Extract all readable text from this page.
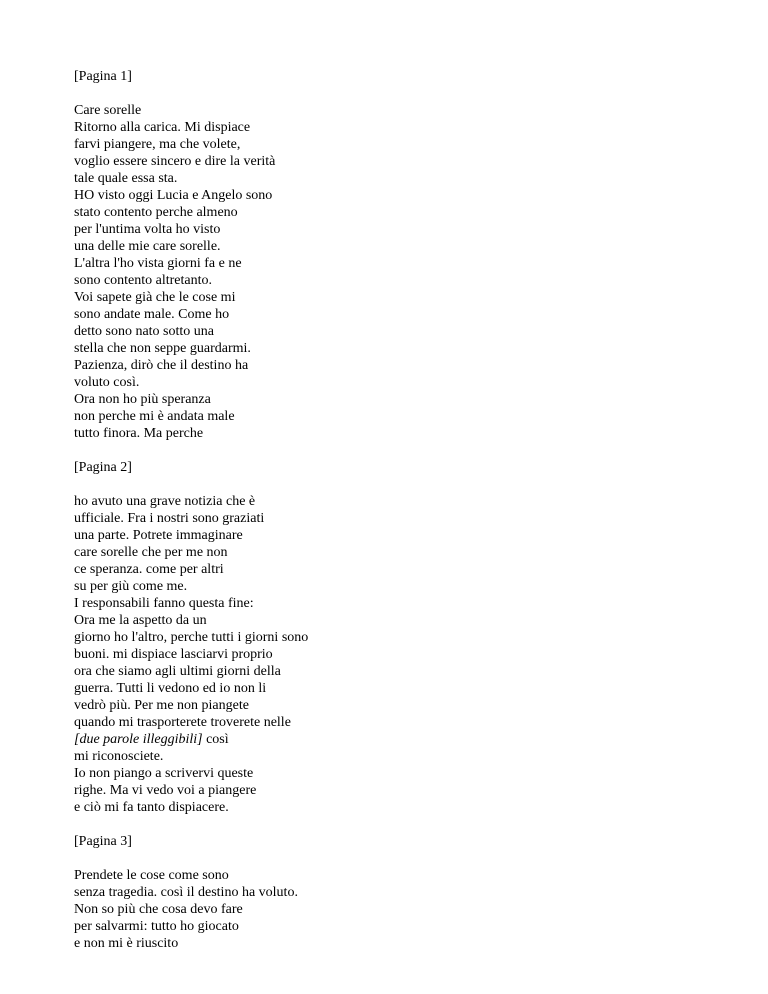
[Pagina 1]
Care sorelle
Ritorno alla carica. Mi dispiace
farvi piangere, ma che volete,
voglio essere sincero e dire la verità
tale quale essa sta.
HO visto oggi Lucia e Angelo sono
stato contento perche almeno
per l'untima volta ho visto
una delle mie care sorelle.
L'altra l'ho vista giorni fa e ne
sono contento altretanto.
Voi sapete già che le cose mi
sono andate male. Come ho
detto sono nato sotto una
stella che non seppe guardarmi.
Pazienza, dirò che il destino ha
voluto così.
Ora non ho più speranza
non perche mi è andata male
tutto finora. Ma perche
[Pagina 2]
ho avuto una grave notizia che è
ufficiale. Fra i nostri sono graziati
una parte. Potrete immaginare
care sorelle che per me non
ce speranza. come per altri
su per giù come me.
I responsabili fanno questa fine:
Ora me la aspetto da un
giorno ho l'altro, perche tutti i giorni sono
buoni. mi dispiace lasciarvi proprio
ora che siamo agli ultimi giorni della
guerra. Tutti li vedono ed io non li
vedrò più. Per me non piangete
quando mi trasporterete troverete nelle
[due parole illeggibili] così
mi riconosciete.
Io non piango a scrivervi queste
righe. Ma vi vedo voi a piangere
e ciò mi fa tanto dispiacere.
[Pagina 3]
Prendete le cose come sono
senza tragedia. così il destino ha voluto.
Non so più che cosa devo fare
per salvarmi: tutto ho giocato
e non mi è riuscito
